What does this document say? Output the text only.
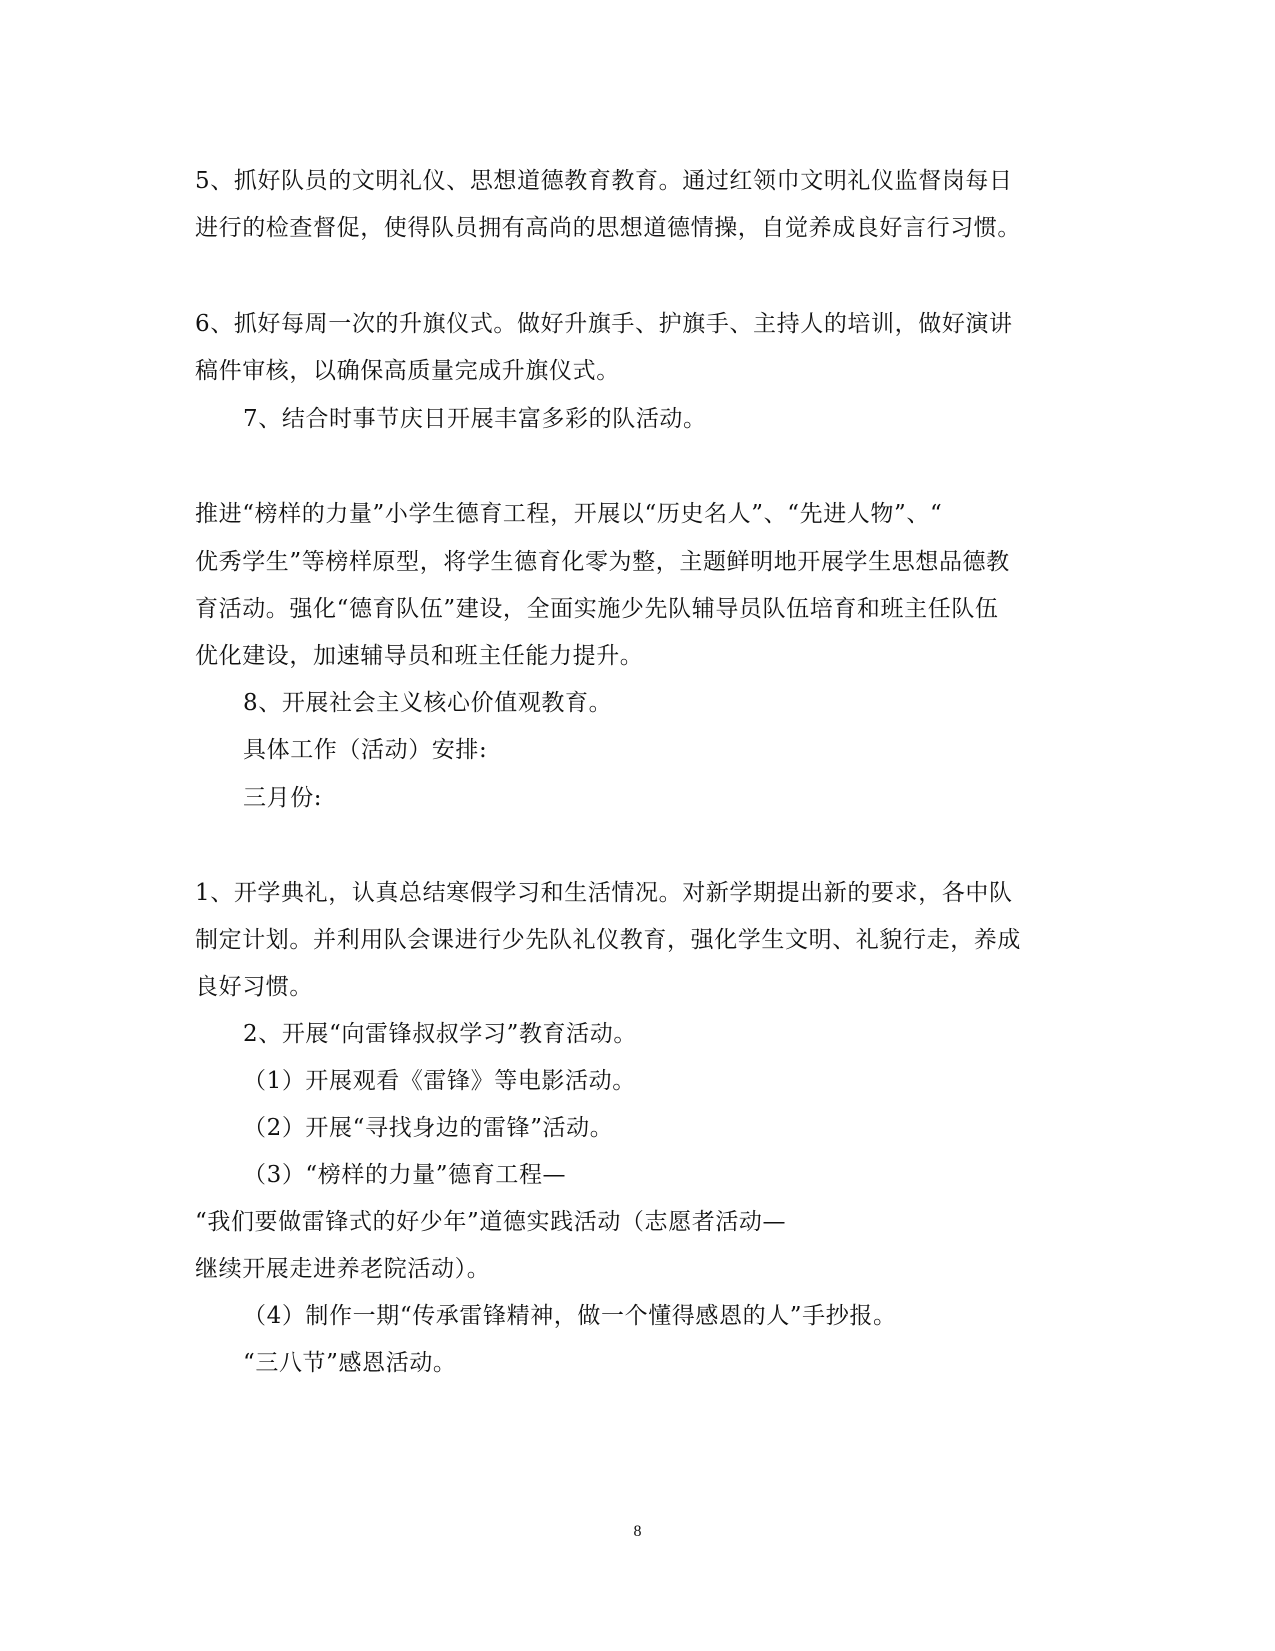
5、抓好队员的文明礼仪、思想道德教育教育。通过红领巾文明礼仪监督岗每日
进行的检查督促，使得队员拥有高尚的思想道德情操，自觉养成良好言行习惯。
6、抓好每周一次的升旗仪式。做好升旗手、护旗手、主持人的培训，做好演讲
稿件审核，以确保高质量完成升旗仪式。
7、结合时事节庆日开展丰富多彩的队活动。
推进“榜样的力量”小学生德育工程，开展以“历史名人”、“先进人物”、“
优秀学生”等榜样原型，将学生德育化零为整，主题鲜明地开展学生思想品德教
育活动。强化“德育队伍”建设，全面实施少先队辅导员队伍培育和班主任队伍
优化建设，加速辅导员和班主任能力提升。
8、开展社会主义核心价值观教育。
具体工作（活动）安排:
三月份:
1、开学典礼，认真总结寒假学习和生活情况。对新学期提出新的要求，各中队
制定计划。并利用队会课进行少先队礼仪教育，强化学生文明、礼貌行走，养成
良好习惯。
2、开展“向雷锋叔叔学习”教育活动。
（1）开展观看《雷锋》等电影活动。
（2）开展“寻找身边的雷锋”活动。
（3）“榜样的力量”德育工程—
“我们要做雷锋式的好少年”道德实践活动（志愿者活动—
继续开展走进养老院活动）。
（4）制作一期“传承雷锋精神，做一个懂得感恩的人”手抄报。
“三八节”感恩活动。
8
